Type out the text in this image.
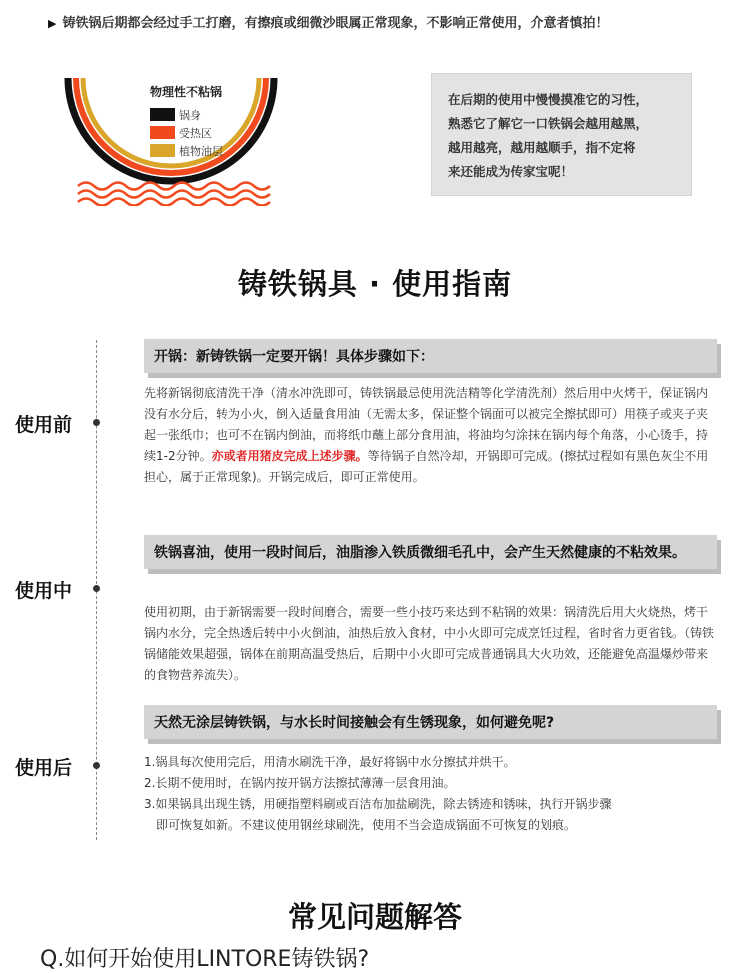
▶ 铸铁锅后期都会经过手工打磨，有擦痕或细微沙眼属正常现象，不影响正常使用，介意者慎拍！
物理性不粘锅
锅身
受热区
植物油层
在后期的使用中慢慢摸准它的习性，
熟悉它了解它一口铁锅会越用越黑，
越用越亮，越用越顺手，指不定将
来还能成为传家宝呢！
铸铁锅具 · 使用指南
使用前
使用中
使用后
开锅：新铸铁锅一定要开锅！具体步骤如下：
先将新锅彻底清洗干净（清水冲洗即可，铸铁锅最忌使用洗洁精等化学清洗剂）然后用中火烤干，保证锅内没有水分后，转为小火，倒入适量食用油（无需太多，保证整个锅面可以被完全擦拭即可）用筷子或夹子夹起一张纸巾；也可不在锅内倒油，而将纸巾蘸上部分食用油，将油均匀涂抹在锅内每个角落，小心烫手，持续1-2分钟。亦或者用猪皮完成上述步骤。等待锅子自然冷却，开锅即可完成。(擦拭过程如有黑色灰尘不用担心，属于正常现象)。开锅完成后，即可正常使用。
铁锅喜油，使用一段时间后，油脂渗入铁质微细毛孔中，会产生天然健康的不粘效果。
使用初期，由于新锅需要一段时间磨合，需要一些小技巧来达到不粘锅的效果：锅清洗后用大火烧热，烤干锅内水分，完全热透后转中小火倒油，油热后放入食材，中小火即可完成烹饪过程，省时省力更省钱。（铸铁锅储能效果超强，锅体在前期高温受热后，后期中小火即可完成普通锅具大火功效，还能避免高温爆炒带来的食物营养流失）。
天然无涂层铸铁锅，与水长时间接触会有生锈现象，如何避免呢?
1.锅具每次使用完后，用清水刷洗干净，最好将锅中水分擦拭并烘干。
2.长期不使用时，在锅内按开锅方法擦拭薄薄一层食用油。
3.如果锅具出现生锈，用硬指塑料刷或百洁布加盐刷洗，除去锈迹和锈味，执行开锅步骤
即可恢复如新。不建议使用钢丝球刷洗，使用不当会造成锅面不可恢复的划痕。
常见问题解答
Q.如何开始使用LINTORE铸铁锅?
